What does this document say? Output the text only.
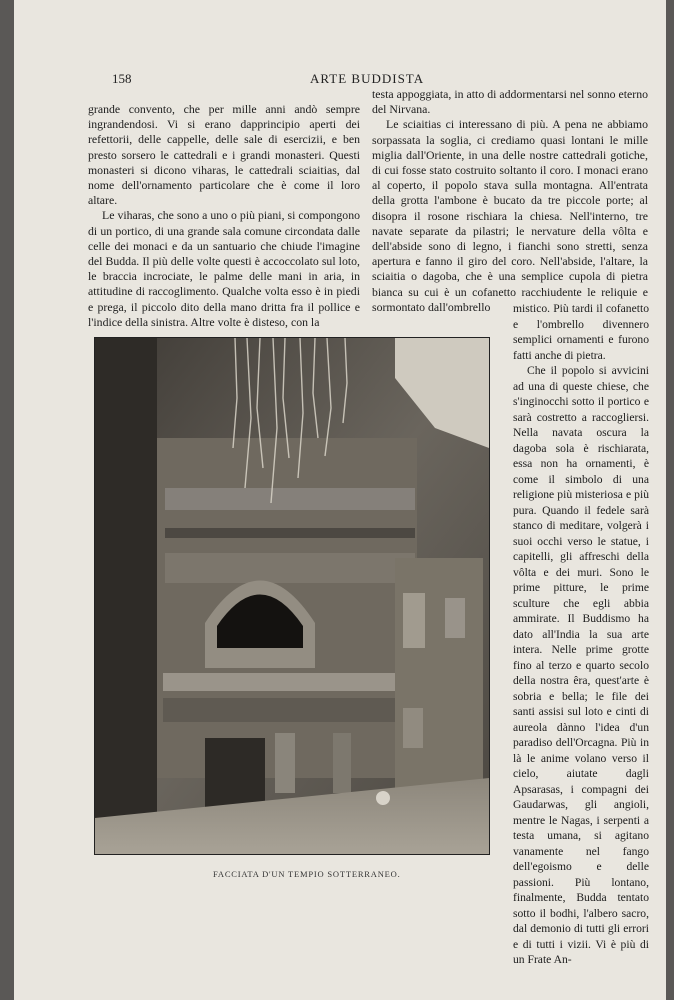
158	ARTE BUDDISTA

grande convento, che per mille anni andò sempre ingrandendosi. Vi si erano dapprincipio aperti dei refettorii, delle cappelle, delle sale di esercizii, e ben presto sorsero le cattedrali e i grandi monasteri. Questi monasteri si dicono viharas, le cattedrali sciaitias, dal nome dell'ornamento particolare che è come il loro altare.

Le viharas, che sono a uno o più piani, si compongono di un portico, di una grande sala comune circondata dalle celle dei monaci e da un santuario che chiude l'imagine del Budda. Il più delle volte questi è accoccolato sul loto, le braccia incrociate, le palme delle mani in aria, in attitudine di raccoglimento. Qualche volta esso è in piedi e prega, il piccolo dito della mano dritta fra il pollice e l'indice della sinistra. Altre volte è disteso, con la

testa appoggiata, in atto di addormentarsi nel sonno eterno del Nirvana.

Le sciaitias ci interessano di più. A pena ne abbiamo sorpassata la soglia, ci crediamo quasi lontani le mille miglia dall'Oriente, in una delle nostre cattedrali gotiche, di cui fosse stato costruito soltanto il coro. I monaci erano al coperto, il popolo stava sulla montagna. All'entrata della grotta l'ambone è bucato da tre piccole porte; al disopra il rosone rischiara la chiesa. Nell'interno, tre navate separate da pilastri; le nervature della vôlta e dell'abside sono di legno, i fianchi sono stretti, senza apertura e fanno il giro del coro. Nell'abside, l'altare, la sciaitia o dagoba, che è una semplice cupola di pietra bianca su cui è un cofanetto racchiudente le reliquie e sormontato dall'ombrello	mistico. Più tardi il cofanetto e l'ombrello divennero semplici ornamenti e furono fatti anche di pietra.

Che il popolo si avvicini ad una di queste chiese, che s'inginocchi sotto il portico e sarà costretto a raccogliersi. Nella navata oscura la dagoba sola è rischiarata, essa non ha ornamenti, è come il simbolo di una religione più misteriosa e più pura. Quando il fedele sarà stanco di meditare, volgerà i suoi occhi verso le statue, i capitelli, gli affreschi della vôlta e dei muri. Sono le prime pitture, le prime sculture che egli abbia ammirate. Il Buddismo ha dato all'India la sua arte intera. Nelle prime grotte fino al terzo e quarto secolo della nostra êra, quest'arte è sobria e bella; le file dei santi assisi sul loto e cinti di aureola dànno l'idea d'un paradiso dell'Orcagna. Più in là le anime volano verso il cielo, aiutate dagli Apsarasas, i compagni dei Gaudarwas, gli angioli, mentre le Nagas, i serpenti a testa umana, si agitano vanamente nel fango dell'egoismo e delle passioni. Più lontano, finalmente, Budda tentato sotto il bodhi, l'albero sacro, dal demonio di tutti gli errori e di tutti i vizii. Vi è più di un Frate An-

FACCIATA D'UN TEMPIO SOTTERRANEO.
